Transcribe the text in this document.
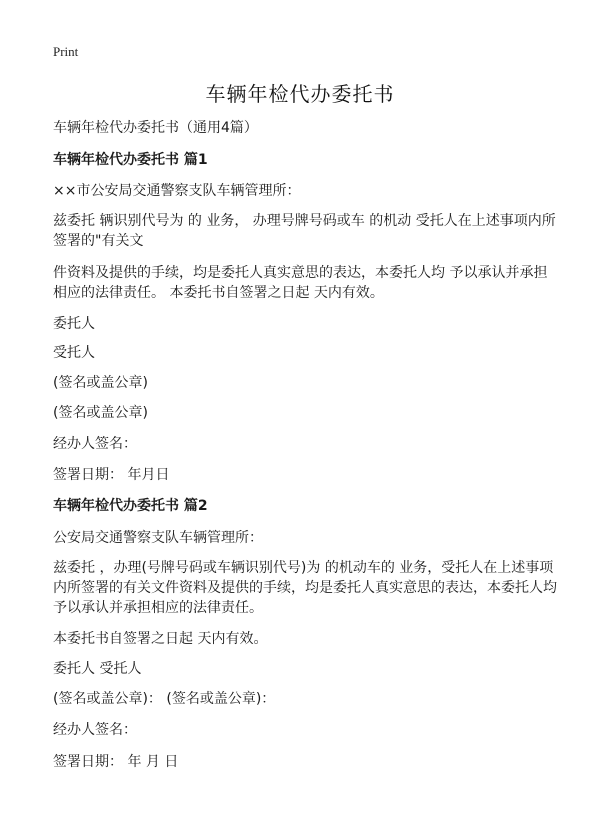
Print
车辆年检代办委托书
车辆年检代办委托书（通用4篇）
车辆年检代办委托书 篇1
××市公安局交通警察支队车辆管理所：
兹委托 辆识别代号为 的 业务， 办理号牌号码或车 的机动 受托人在上述事项内所
签署的"有关文
件资料及提供的手续，均是委托人真实意思的表达，本委托人均 予以承认并承担
相应的法律责任。 本委托书自签署之日起 天内有效。
委托人
受托人
(签名或盖公章)
(签名或盖公章)
经办人签名：
签署日期： 年月日
车辆年检代办委托书 篇2
公安局交通警察支队车辆管理所：
兹委托 ，办理(号牌号码或车辆识别代号)为 的机动车的 业务，受托人在上述事项
内所签署的有关文件资料及提供的手续，均是委托人真实意思的表达，本委托人均
予以承认并承担相应的法律责任。
本委托书自签署之日起 天内有效。
委托人 受托人
(签名或盖公章)： (签名或盖公章)：
经办人签名：
签署日期： 年 月 日
